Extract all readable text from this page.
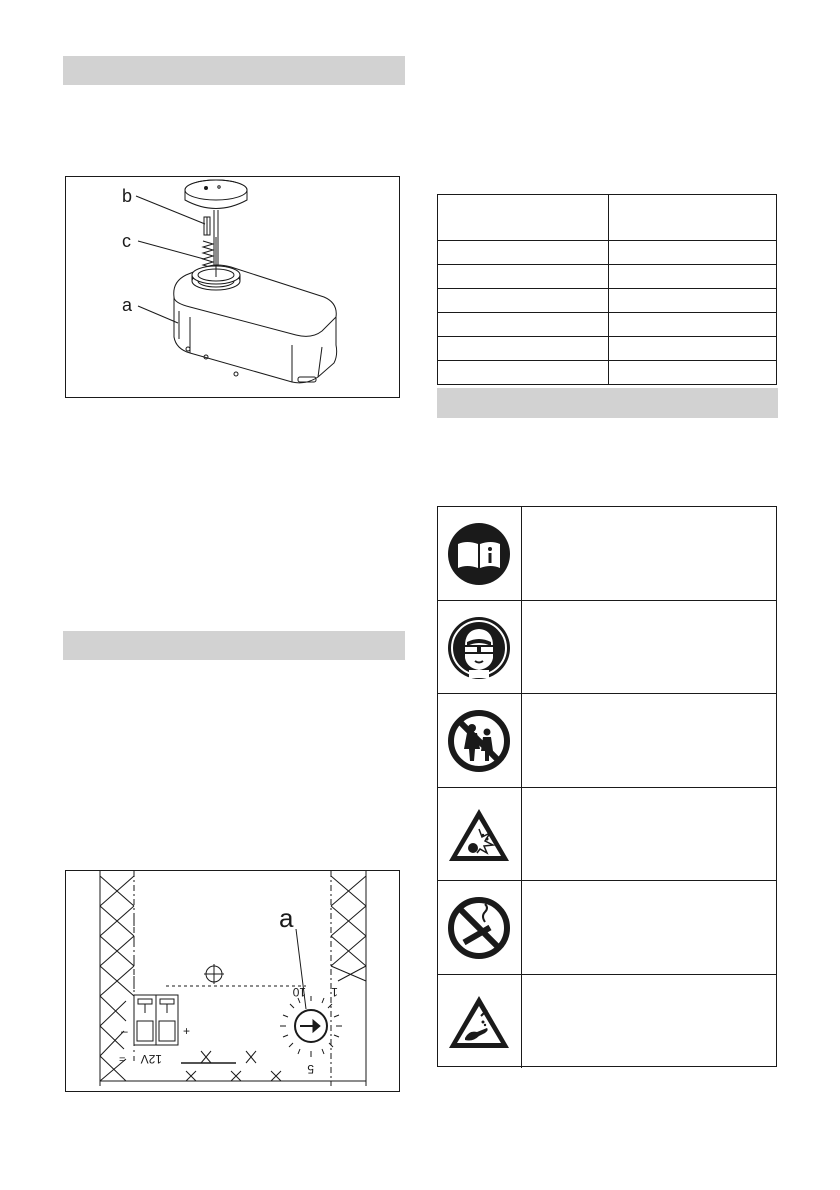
b
c
a
a
10 1
5
–	+
12V
=
